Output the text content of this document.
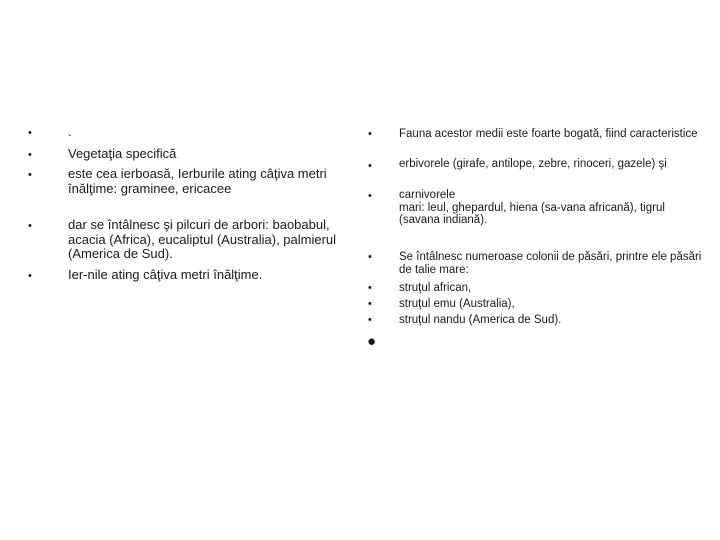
•	.
•	Vegetaţia specifică
•	este cea ierboasă, Ierburile ating câţiva metri înălţime: graminee, ericacee
•	dar se întâlnesc şi pilcuri de arbori: baobabul, acacia (Africa), eucaliptul (Australia), palmierul (America de Sud).
•	Ier-nile ating câţiva metri înălţime.
• Fauna acestor medii este foarte bogată, fiind caracteristice
• erbivorele (girafe, antilope, zebre, rinoceri, gazele) şi
• carnivorele
mari: leul, ghepardul, hiena (sa-vana africană), tigrul (savana indiană).
• Se întâlnesc numeroase colonii de păsări, printre ele păsări de talie mare:
• struţul african,
• struţul emu (Australia),
• struţul nandu (America de Sud).
●
